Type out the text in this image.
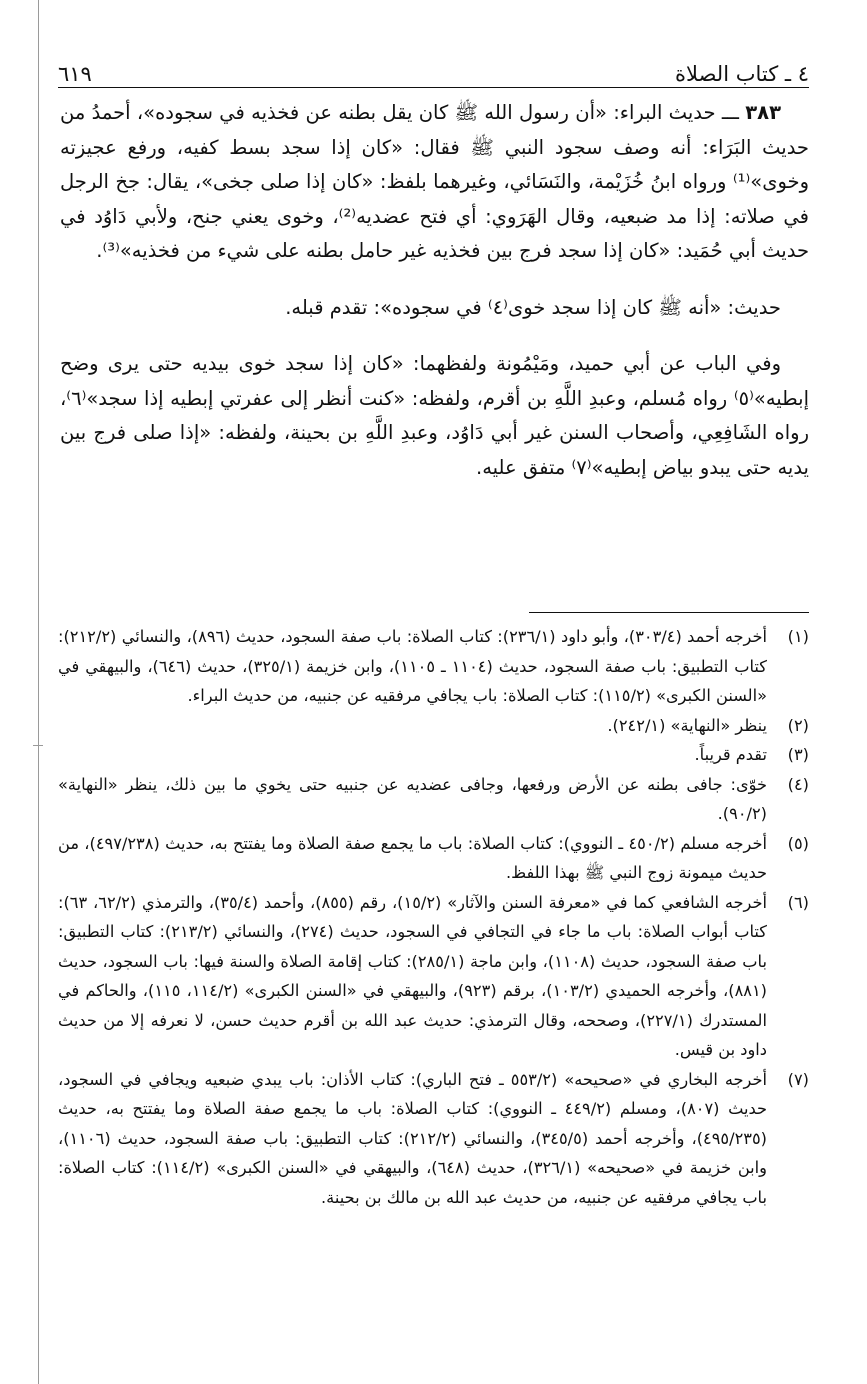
٤ ـ كتاب الصلاة
٦١٩

٣٨٣ ـــ حديث البراء: «أن رسول الله ﷺ كان يقل بطنه عن فخذيه في سجوده»، أحمدُ من حديث البَرَاء: أنه وصف سجود النبي ﷺ فقال: «كان إذا سجد بسط كفيه، ورفع عجيزته وخوى»⁽¹⁾ ورواه ابنُ خُزَيْمة، والنَسَائي، وغيرهما بلفظ: «كان إذا صلى جخى»، يقال: جخ الرجل في صلاته: إذا مد ضبعيه، وقال الهَرَوي: أي فتح عضديه⁽²⁾، وخوى يعني جنح، ولأبي دَاوُد في حديث أبي حُمَيد: «كان إذا سجد فرج بين فخذيه غير حامل بطنه على شيء من فخذيه»⁽³⁾.

حديث: «أنه ﷺ كان إذا سجد خوى⁽٤⁾ في سجوده»: تقدم قبله.

وفي الباب عن أبي حميد، ومَيْمُونة ولفظهما: «كان إذا سجد خوى بيديه حتى يرى وضح إبطيه»⁽٥⁾ رواه مُسلم، وعبدِ اللَّهِ بن أقرم، ولفظه: «كنت أنظر إلى عفرتي إبطيه إذا سجد»⁽٦⁾، رواه الشَافِعِي، وأصحاب السنن غير أبي دَاوُد، وعبدِ اللَّهِ بن بحينة، ولفظه: «إذا صلى فرج بين يديه حتى يبدو بياض إبطيه»⁽٧⁾ متفق عليه.

(١)
أخرجه أحمد (٣٠٣/٤)، وأبو داود (٢٣٦/١): كتاب الصلاة: باب صفة السجود، حديث (٨٩٦)، والنسائي (٢١٢/٢): كتاب التطبيق: باب صفة السجود، حديث (١١٠٤ ـ ١١٠٥)، وابن خزيمة (٣٢٥/١)، حديث (٦٤٦)، والبيهقي في «السنن الكبرى» (١١٥/٢): كتاب الصلاة: باب يجافي مرفقيه عن جنبيه، من حديث البراء.
(٢)
ينظر «النهاية» (٢٤٢/١).
(٣)
تقدم قريباً.
(٤)
خوّى: جافى بطنه عن الأرض ورفعها، وجافى عضديه عن جنبيه حتى يخوي ما بين ذلك، ينظر «النهاية» (٩٠/٢).
(٥)
أخرجه مسلم (٤٥٠/٢ ـ النووي): كتاب الصلاة: باب ما يجمع صفة الصلاة وما يفتتح به، حديث (٤٩٧/٢٣٨)، من حديث ميمونة زوج النبي ﷺ بهذا اللفظ.
(٦)
أخرجه الشافعي كما في «معرفة السنن والآثار» (١٥/٢)، رقم (٨٥٥)، وأحمد (٣٥/٤)، والترمذي (٦٢/٢، ٦٣): كتاب أبواب الصلاة: باب ما جاء في التجافي في السجود، حديث (٢٧٤)، والنسائي (٢١٣/٢): كتاب التطبيق: باب صفة السجود، حديث (١١٠٨)، وابن ماجة (٢٨٥/١): كتاب إقامة الصلاة والسنة فيها: باب السجود، حديث (٨٨١)، وأخرجه الحميدي (١٠٣/٢)، برقم (٩٢٣)، والبيهقي في «السنن الكبرى» (١١٤/٢، ١١٥)، والحاكم في المستدرك (٢٢٧/١)، وصححه، وقال الترمذي: حديث عبد الله بن أقرم حديث حسن، لا نعرفه إلا من حديث داود بن قيس.
(٧)
أخرجه البخاري في «صحيحه» (٥٥٣/٢ ـ فتح الباري): كتاب الأذان: باب يبدي ضبعيه ويجافي في السجود، حديث (٨٠٧)، ومسلم (٤٤٩/٢ ـ النووي): كتاب الصلاة: باب ما يجمع صفة الصلاة وما يفتتح به، حديث (٤٩٥/٢٣٥)، وأخرجه أحمد (٣٤٥/٥)، والنسائي (٢١٢/٢): كتاب التطبيق: باب صفة السجود، حديث (١١٠٦)، وابن خزيمة في «صحيحه» (٣٢٦/١)، حديث (٦٤٨)، والبيهقي في «السنن الكبرى» (١١٤/٢): كتاب الصلاة: باب يجافي مرفقيه عن جنبيه، من حديث عبد الله بن مالك بن بحينة.
